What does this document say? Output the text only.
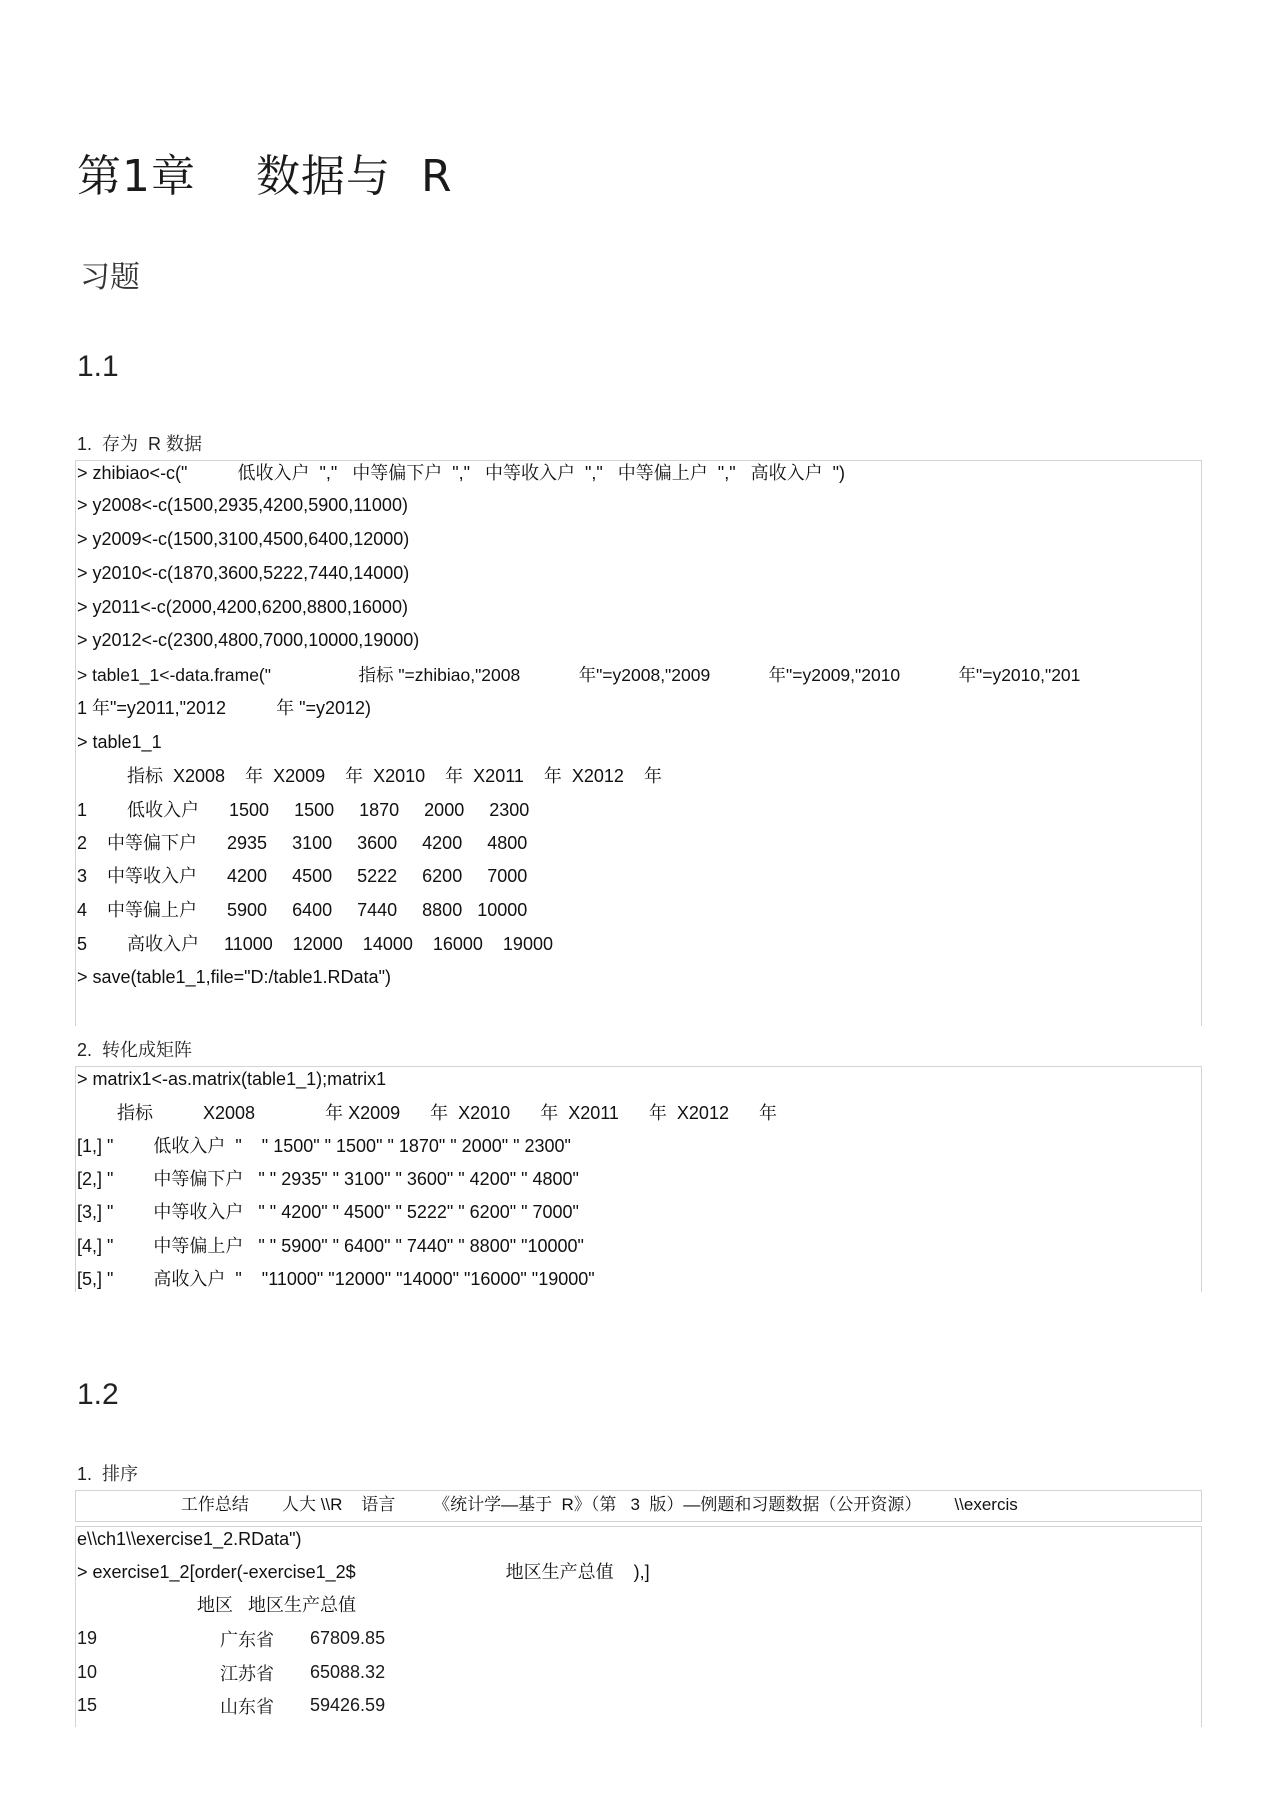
第1章　 数据与  R
习题
1.1
1.  存为  R 数据
> zhibiao<-c("          低收入户  ","   中等偏下户  ","   中等收入户  ","   中等偏上户  ","   高收入户  ")
> y2008<-c(1500,2935,4200,5900,11000)
> y2009<-c(1500,3100,4500,6400,12000)
> y2010<-c(1870,3600,5222,7440,14000)
> y2011<-c(2000,4200,6200,8800,16000)
> y2012<-c(2300,4800,7000,10000,19000)
> table1_1<-data.frame("                  指标 "=zhibiao,"2008            年"=y2008,"2009            年"=y2009,"2010            年"=y2010,"201
1 年"=y2011,"2012          年 "=y2012)
> table1_1
指标  X2008    年  X2009    年  X2010    年  X2011    年  X2012    年
1        低收入户      1500     1500     1870     2000     2300
2    中等偏下户      2935     3100     3600     4200     4800
3    中等收入户      4200     4500     5222     6200     7000
4    中等偏上户      5900     6400     7440     8800   10000
5        高收入户     11000    12000    14000    16000    19000
> save(table1_1,file="D:/table1.RData")
2.  转化成矩阵
> matrix1<-as.matrix(table1_1);matrix1
指标          X2008              年 X2009      年  X2010      年  X2011      年  X2012      年
[1,] "        低收入户  "    " 1500" " 1500" " 1870" " 2000" " 2300"
[2,] "        中等偏下户   " " 2935" " 3100" " 3600" " 4200" " 4800"
[3,] "        中等收入户   " " 4200" " 4500" " 5222" " 6200" " 7000"
[4,] "        中等偏上户   " " 5900" " 6400" " 7440" " 8800" "10000"
[5,] "        高收入户  "    "11000" "12000" "14000" "16000" "19000"
1.2
1.  排序
工作总结       人大 \\R    语言        《统计学—基于  R》（第   3  版）—例题和习题数据（公开资源）       \\exercis
e\\ch1\\exercise1_2.RData")
> exercise1_2[order(-exercise1_2$                              地区生产总值    ),]
地区   地区生产总值
19	广东省 67809.85
10	江苏省 65088.32
15	山东省 59426.59
